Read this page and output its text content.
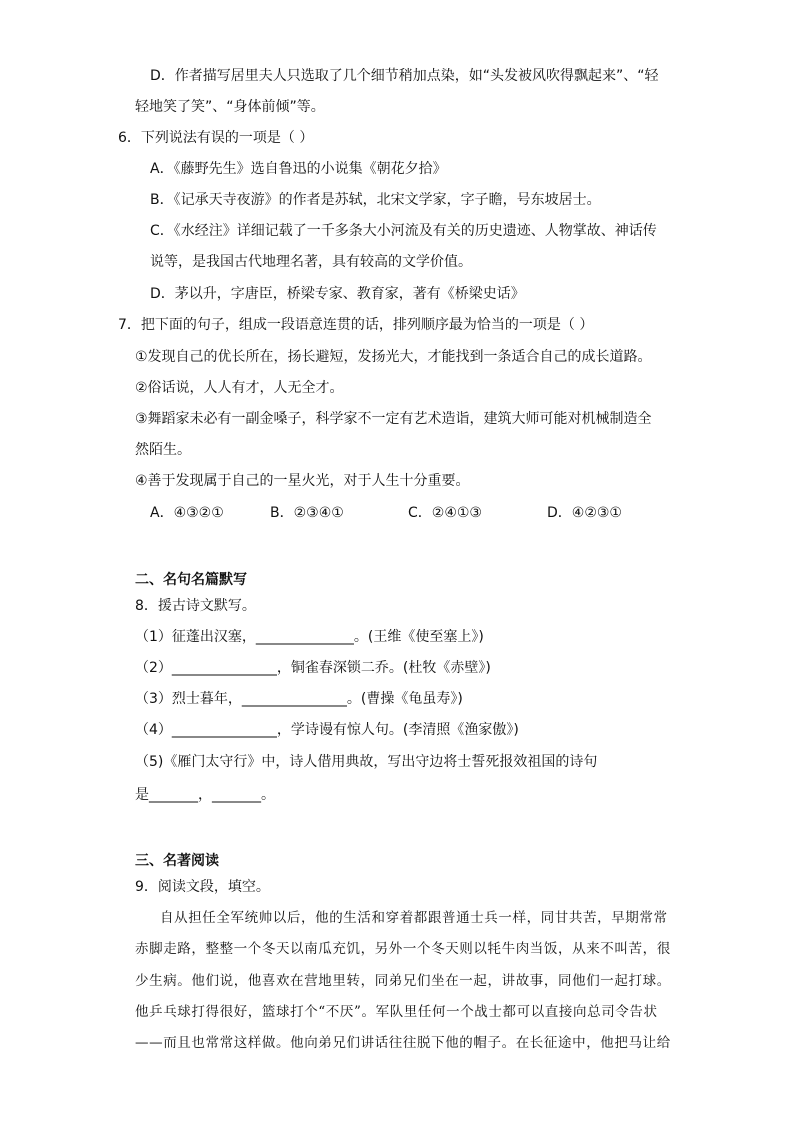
D．作者描写居里夫人只选取了几个细节稍加点染，如“头发被风吹得飘起来”、“轻
轻地笑了笑”、“身体前倾”等。
6．下列说法有误的一项是（ ）
A．《藤野先生》选自鲁迅的小说集《朝花夕拾》
B．《记承天寺夜游》的作者是苏轼，北宋文学家，字子瞻，号东坡居士。
C．《水经注》详细记载了一千多条大小河流及有关的历史遗迹、人物掌故、神话传
说等，是我国古代地理名著，具有较高的文学价值。
D．茅以升，字唐臣，桥梁专家、教育家，著有《桥梁史话》
7．把下面的句子，组成一段语意连贯的话，排列顺序最为恰当的一项是（ ）
①发现自己的优长所在，扬长避短，发扬光大，才能找到一条适合自己的成长道路。
②俗话说，人人有才，人无全才。
③舞蹈家未必有一副金嗓子，科学家不一定有艺术造诣，建筑大师可能对机械制造全
然陌生。
④善于发现属于自己的一星火光，对于人生十分重要。
A．④③②①	B．②③④①	C．②④①③	D．④②③①
二、名句名篇默写
8．援古诗文默写。
（1）征蓬出汉塞，______________。(王维《使至塞上》)
（2）_______________，铜雀春深锁二乔。(杜牧《赤壁》)
（3）烈士暮年，_______________。(曹操《龟虽寿》)
（4）_______________，学诗谩有惊人句。(李清照《渔家傲》)
（5)《雁门太守行》中，诗人借用典故，写出守边将士誓死报效祖国的诗句
是_______，_______。
三、名著阅读
9．阅读文段，填空。
自从担任全军统帅以后，他的生活和穿着都跟普通士兵一样，同甘共苦，早期常常
赤脚走路，整整一个冬天以南瓜充饥，另外一个冬天则以牦牛肉当饭，从来不叫苦，很
少生病。他们说，他喜欢在营地里转，同弟兄们坐在一起，讲故事，同他们一起打球。
他乒乓球打得很好，篮球打个“不厌”。军队里任何一个战士都可以直接向总司令告状
——而且也常常这样做。他向弟兄们讲话往往脱下他的帽子。在长征途中，他把马让给
